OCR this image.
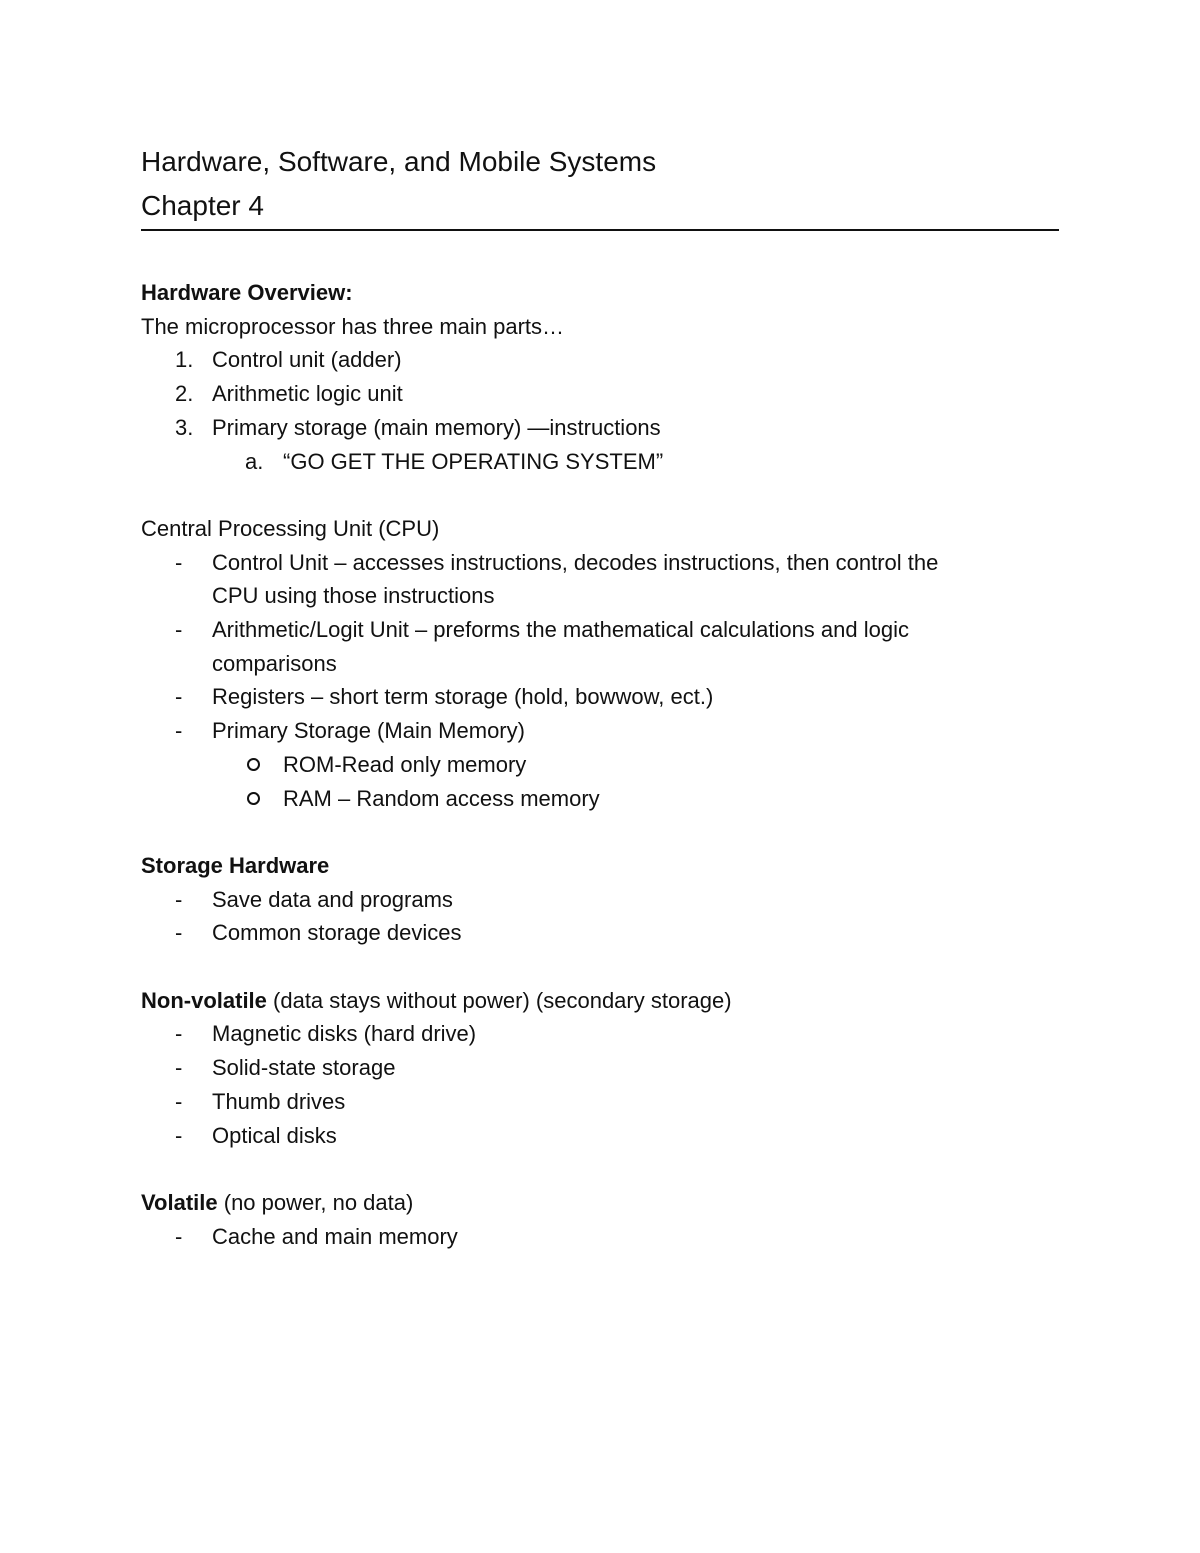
Hardware, Software, and Mobile Systems
Chapter 4
Hardware Overview:
The microprocessor has three main parts…
1. Control unit (adder)
2. Arithmetic logic unit
3. Primary storage (main memory) —instructions
a. “GO GET THE OPERATING SYSTEM”
Central Processing Unit (CPU)
- Control Unit – accesses instructions, decodes instructions, then control the
CPU using those instructions
- Arithmetic/Logit Unit – preforms the mathematical calculations and logic
comparisons
- Registers – short term storage (hold, bowwow, ect.)
- Primary Storage (Main Memory)
ROM-Read only memory
RAM – Random access memory
Storage Hardware
- Save data and programs
- Common storage devices
Non-volatile (data stays without power) (secondary storage)
- Magnetic disks (hard drive)
- Solid-state storage
- Thumb drives
- Optical disks
Volatile (no power, no data)
- Cache and main memory
